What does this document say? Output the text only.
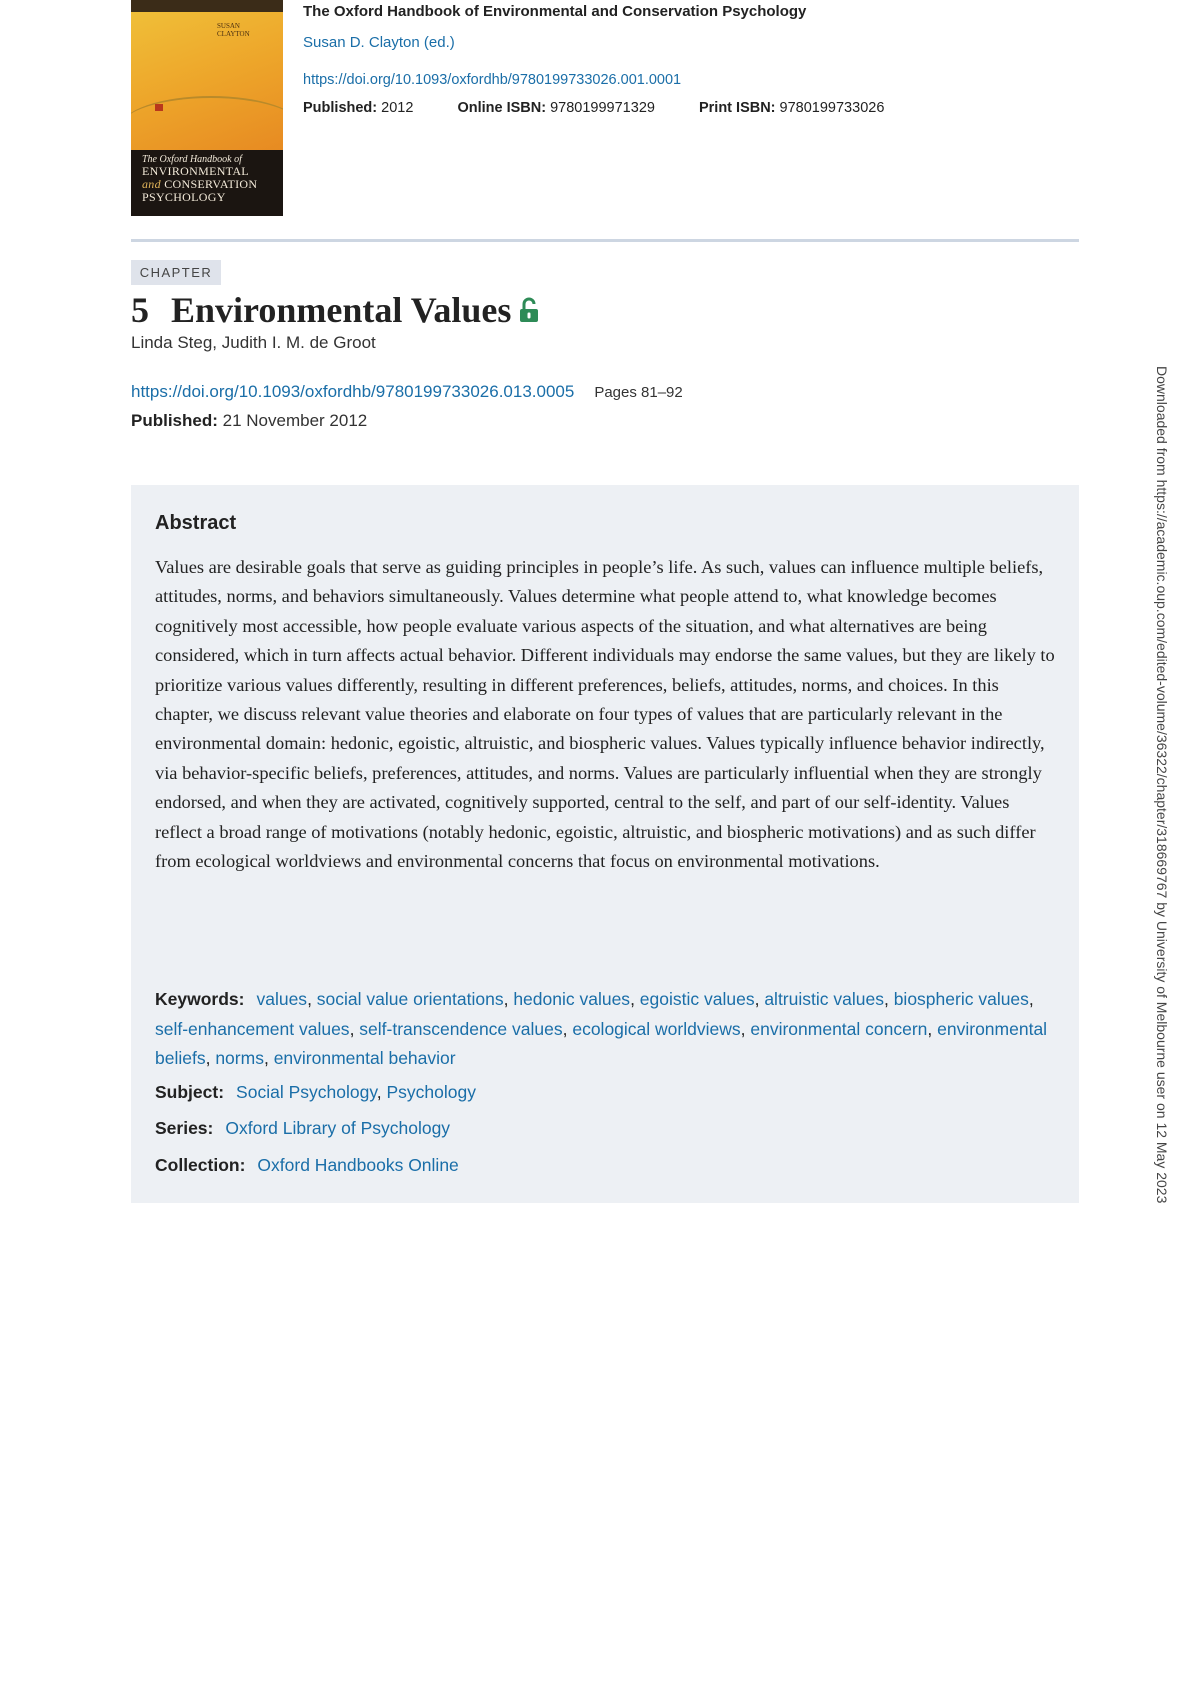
SUSAN
CLAYTON
The Oxford Handbook of
ENVIRONMENTAL
and CONSERVATION
PSYCHOLOGY
The Oxford Handbook of Environmental and Conservation Psychology
Susan D. Clayton (ed.)
https://doi.org/10.1093/oxfordhb/9780199733026.001.0001
Published: 2012	Online ISBN: 9780199971329	Print ISBN: 9780199733026
CHAPTER
5 Environmental Values
Linda Steg, Judith I. M. de Groot
https://doi.org/10.1093/oxfordhb/9780199733026.013.0005 Pages 81–92
Published: 21 November 2012
Abstract
Values are desirable goals that serve as guiding principles in people’s life. As such, values can influence multiple beliefs, attitudes, norms, and behaviors simultaneously. Values determine what people attend to, what knowledge becomes cognitively most accessible, how people evaluate various aspects of the situation, and what alternatives are being considered, which in turn affects actual behavior. Different individuals may endorse the same values, but they are likely to prioritize various values differently, resulting in different preferences, beliefs, attitudes, norms, and choices. In this chapter, we discuss relevant value theories and elaborate on four types of values that are particularly relevant in the environmental domain: hedonic, egoistic, altruistic, and biospheric values. Values typically influence behavior indirectly, via behavior-specific beliefs, preferences, attitudes, and norms. Values are particularly influential when they are strongly endorsed, and when they are activated, cognitively supported, central to the self, and part of our self-identity. Values reflect a broad range of motivations (notably hedonic, egoistic, altruistic, and biospheric motivations) and as such differ from ecological worldviews and environmental concerns that focus on environmental motivations.
Keywords: values, social value orientations, hedonic values, egoistic values, altruistic values, biospheric values, self-enhancement values, self-transcendence values, ecological worldviews, environmental concern, environmental beliefs, norms, environmental behavior
Subject: Social Psychology, Psychology
Series: Oxford Library of Psychology
Collection: Oxford Handbooks Online	Downloaded from https://academic.oup.com/edited-volume/36322/chapter/318669767 by University of Melbourne user on 12 May 2023
